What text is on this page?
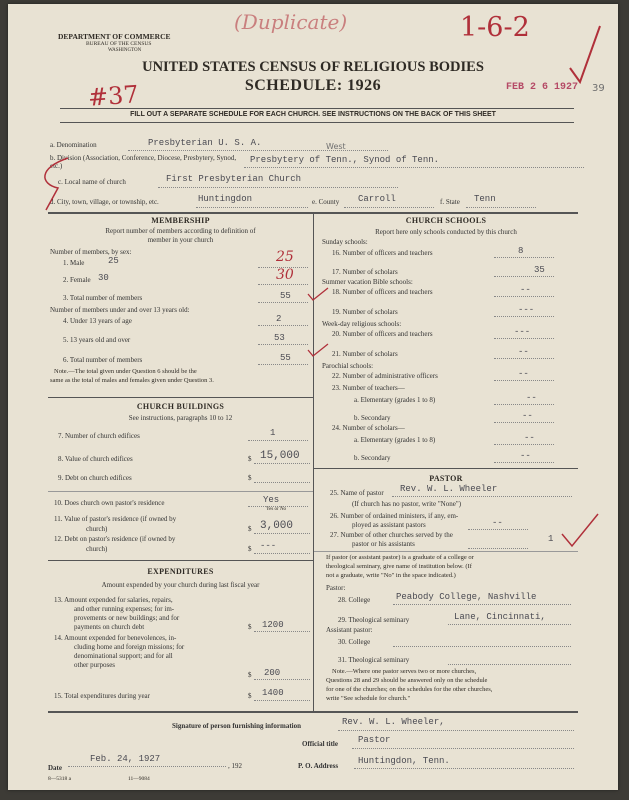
DEPARTMENT OF COMMERCE
BUREAU OF THE CENSUS
WASHINGTON
UNITED STATES CENSUS OF RELIGIOUS BODIES
SCHEDULE: 1926
FILL OUT A SEPARATE SCHEDULE FOR EACH CHURCH. SEE INSTRUCTIONS ON THE BACK OF THIS SHEET
(Duplicate)	1-6-2
#37	FEB 2 6 1927 39
a. Denomination	Presbyterian U. S. A.
b. Division (Association, Conference, Diocese, Presbytery, Synod, etc.)
West
Presbytery of Tenn., Synod of Tenn.
c. Local name of church	First Presbyterian Church
d. City, town, village, or township, etc.	Huntingdon	e. County Carroll	f. State Tenn
MEMBERSHIP
Report number of members according to definition of
member in your church
Number of members, by sex:
1. Male	25	25
2. Female 30	30
3. Total number of members	55
Number of members under and over 13 years old:
4. Under 13 years of age	2
5. 13 years old and over	53
6. Total number of members	55
Note.—The total given under Question 6 should be the
same as the total of males and females given under Question 3.
CHURCH BUILDINGS
See instructions, paragraphs 10 to 12
7. Number of church edifices	1
8. Value of church edifices	$ 15,000
9. Debt on church edifices	$
10. Does church own pastor's residence	Yes
Yes or No
11. Value of pastor's residence (if owned by
church)	$ 3,000
12. Debt on pastor's residence (if owned by
church)	$ ---
EXPENDITURES
Amount expended by your church during last fiscal year
13. Amount expended for salaries, repairs,
and other running expenses; for im-
provements or new buildings; and for
payments on church debt	$ 1200
14. Amount expended for benevolences, in-
cluding home and foreign missions; for
denominational support; and for all
other purposes
$ 200
15. Total expenditures during year	$ 1400
CHURCH SCHOOLS
Report here only schools conducted by this church
Sunday schools:
16. Number of officers and teachers	8
17. Number of scholars	35
Summer vacation Bible schools:
18. Number of officers and teachers	--
19. Number of scholars	---
Week-day religious schools:
20. Number of officers and teachers	---
21. Number of scholars	--
Parochial schools:
22. Number of administrative officers	--
23. Number of teachers—
a. Elementary (grades 1 to 8)	--
b. Secondary	--
24. Number of scholars—
a. Elementary (grades 1 to 8)	--
b. Secondary	--
PASTOR
25. Name of pastor Rev. W. L. Wheeler
(If church has no pastor, write "None")
26. Number of ordained ministers, if any, em-
ployed as assistant pastors	--
27. Number of other churches served by the
pastor or his assistants	1
If pastor (or assistant pastor) is a graduate of a college or
theological seminary, give name of institution below. (If
not a graduate, write "No" in the space indicated.)
Pastor:
28. College	Peabody College, Nashville
29. Theological seminary	Lane, Cincinnati,
Assistant pastor:
30. College
31. Theological seminary
Note.—Where one pastor serves two or more churches,
Questions 28 and 29 should be answered only on the schedule
for one of the churches; on the schedules for the other churches,
write "See schedule for church."
Signature of person furnishing information	Rev. W. L. Wheeler,
Official title Pastor
Date
Feb. 24, 1927
, 192	P. O. Address Huntingdon, Tenn.
8—5318 a	11—9084
